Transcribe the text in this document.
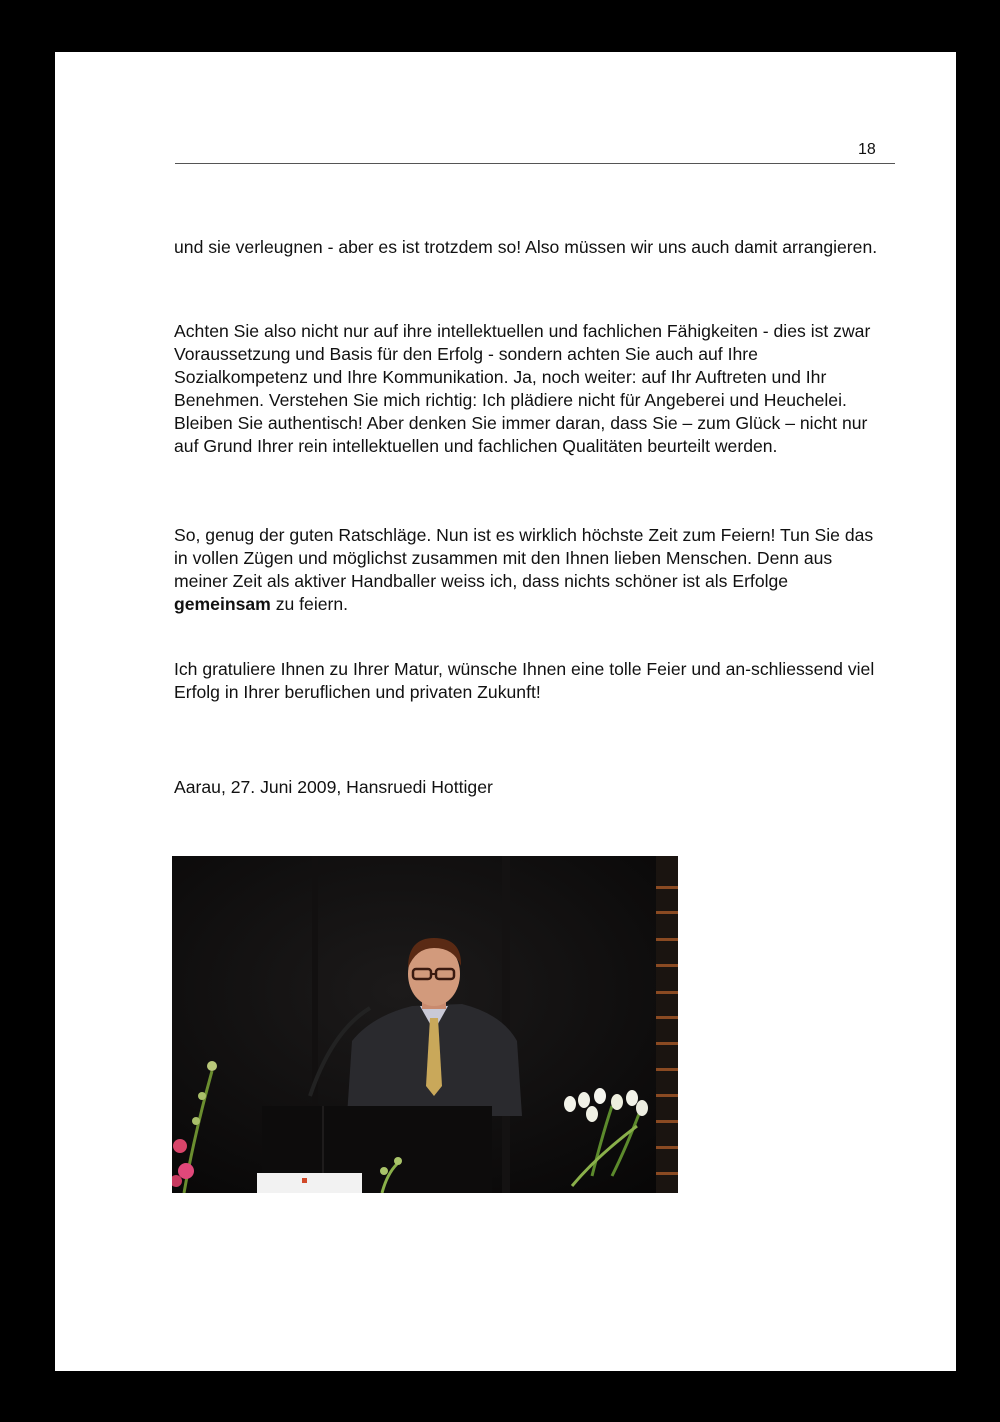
18

und sie verleugnen - aber es ist trotzdem so! Also müssen wir uns auch damit arrangieren.

Achten Sie also nicht nur auf ihre intellektuellen und fachlichen Fähigkeiten - dies ist zwar Voraussetzung und Basis für den Erfolg - sondern achten Sie auch auf Ihre Sozialkompetenz und Ihre Kommunikation. Ja, noch weiter: auf Ihr Auftreten und Ihr Benehmen. Verstehen Sie mich richtig: Ich plädiere nicht für Angeberei und Heuchelei. Bleiben Sie authentisch! Aber denken Sie immer daran, dass Sie – zum Glück – nicht nur auf Grund Ihrer rein intellektuellen und fachlichen Qualitäten beurteilt werden.

So, genug der guten Ratschläge. Nun ist es wirklich höchste Zeit zum Feiern! Tun Sie das in vollen Zügen und möglichst zusammen mit den Ihnen lieben Menschen. Denn aus meiner Zeit als aktiver Handballer weiss ich, dass nichts schöner ist als Erfolge gemeinsam zu feiern.

Ich gratuliere Ihnen zu Ihrer Matur, wünsche Ihnen eine tolle Feier und an-schliessend viel Erfolg in Ihrer beruflichen und privaten Zukunft!

Aarau, 27. Juni 2009, Hansruedi Hottiger
